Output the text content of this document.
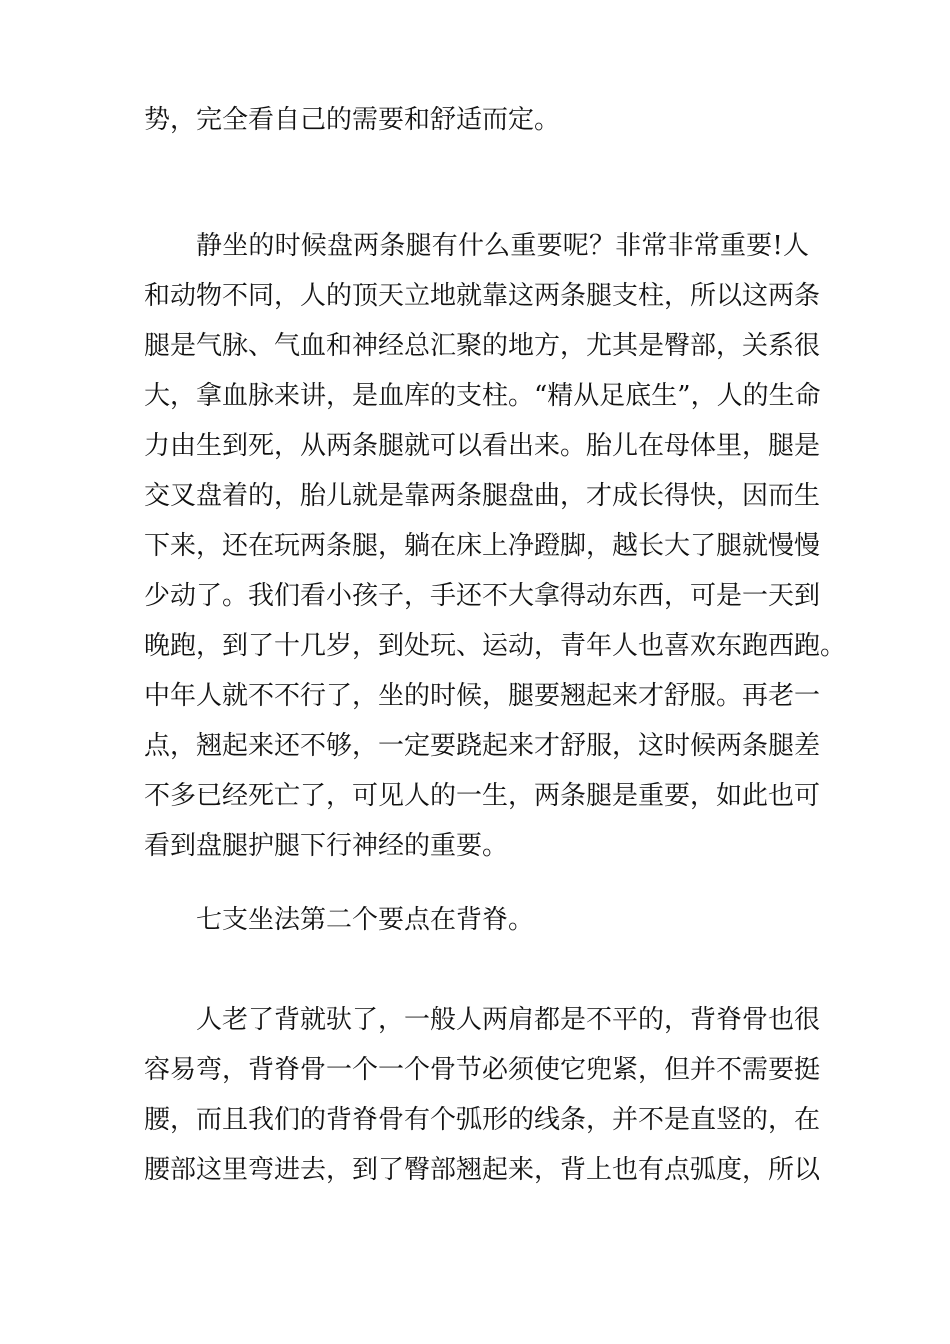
势，完全看自己的需要和舒适而定。
静坐的时候盘两条腿有什么重要呢？非常非常重要!人
和动物不同，人的顶天立地就靠这两条腿支柱，所以这两条
腿是气脉、气血和神经总汇聚的地方，尤其是臀部，关系很
大，拿血脉来讲，是血库的支柱。“精从足底生”，人的生命
力由生到死，从两条腿就可以看出来。胎儿在母体里，腿是
交叉盘着的，胎儿就是靠两条腿盘曲，才成长得快，因而生
下来，还在玩两条腿，躺在床上净蹬脚，越长大了腿就慢慢
少动了。我们看小孩子，手还不大拿得动东西，可是一天到
晚跑，到了十几岁，到处玩、运动，青年人也喜欢东跑西跑。
中年人就不不行了，坐的时候，腿要翘起来才舒服。再老一
点，翘起来还不够，一定要跷起来才舒服，这时候两条腿差
不多已经死亡了，可见人的一生，两条腿是重要，如此也可
看到盘腿护腿下行神经的重要。
七支坐法第二个要点在背脊。
人老了背就驮了，一般人两肩都是不平的，背脊骨也很
容易弯，背脊骨一个一个骨节必须使它兜紧，但并不需要挺
腰，而且我们的背脊骨有个弧形的线条，并不是直竖的，在
腰部这里弯进去，到了臀部翘起来，背上也有点弧度，所以
